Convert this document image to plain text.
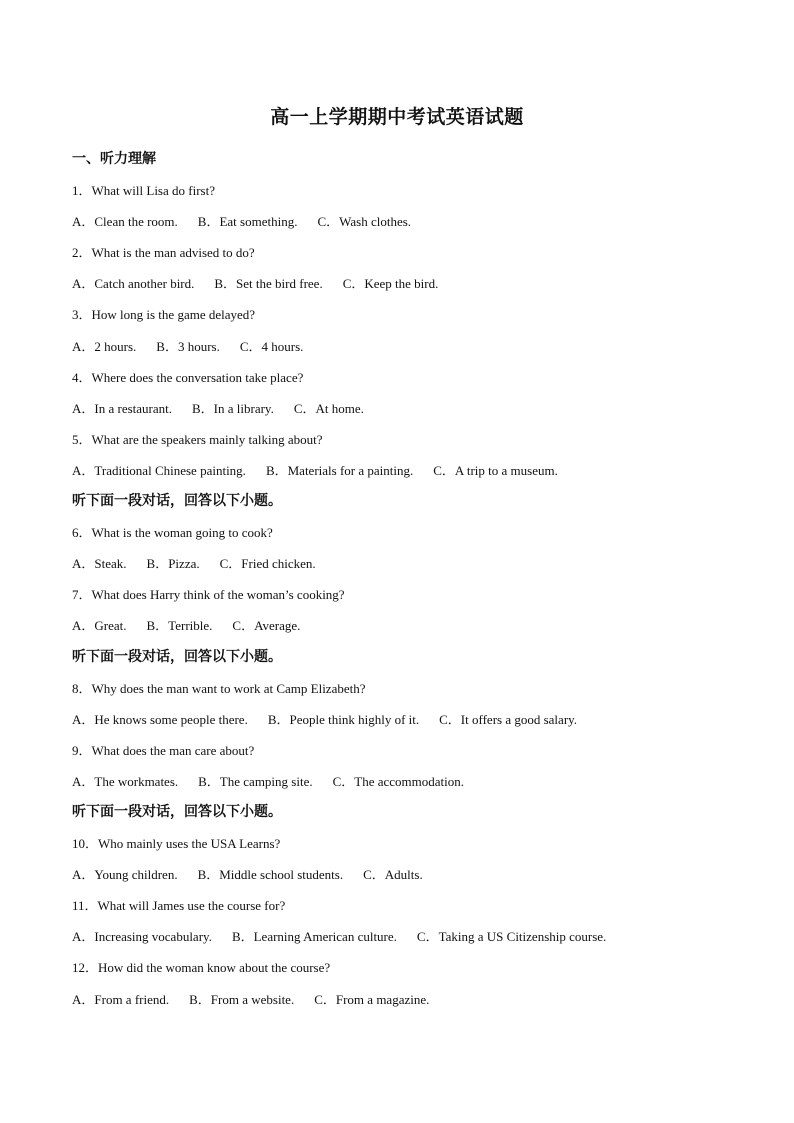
高一上学期期中考试英语试题
一、听力理解
1．What will Lisa do first?
A．Clean the room. B．Eat something. C．Wash clothes.
2．What is the man advised to do?
A．Catch another bird. B．Set the bird free. C．Keep the bird.
3．How long is the game delayed?
A．2 hours. B．3 hours. C．4 hours.
4．Where does the conversation take place?
A．In a restaurant. B．In a library. C．At home.
5．What are the speakers mainly talking about?
A．Traditional Chinese painting. B．Materials for a painting. C．A trip to a museum.
听下面一段对话，回答以下小题。
6．What is the woman going to cook?
A．Steak. B．Pizza. C．Fried chicken.
7．What does Harry think of the woman’s cooking?
A．Great. B．Terrible. C．Average.
听下面一段对话，回答以下小题。
8．Why does the man want to work at Camp Elizabeth?
A．He knows some people there. B．People think highly of it. C．It offers a good salary.
9．What does the man care about?
A．The workmates. B．The camping site. C．The accommodation.
听下面一段对话，回答以下小题。
10．Who mainly uses the USA Learns?
A．Young children. B．Middle school students. C．Adults.
11．What will James use the course for?
A．Increasing vocabulary. B．Learning American culture. C．Taking a US Citizenship course.
12．How did the woman know about the course?
A．From a friend. B．From a website. C．From a magazine.
